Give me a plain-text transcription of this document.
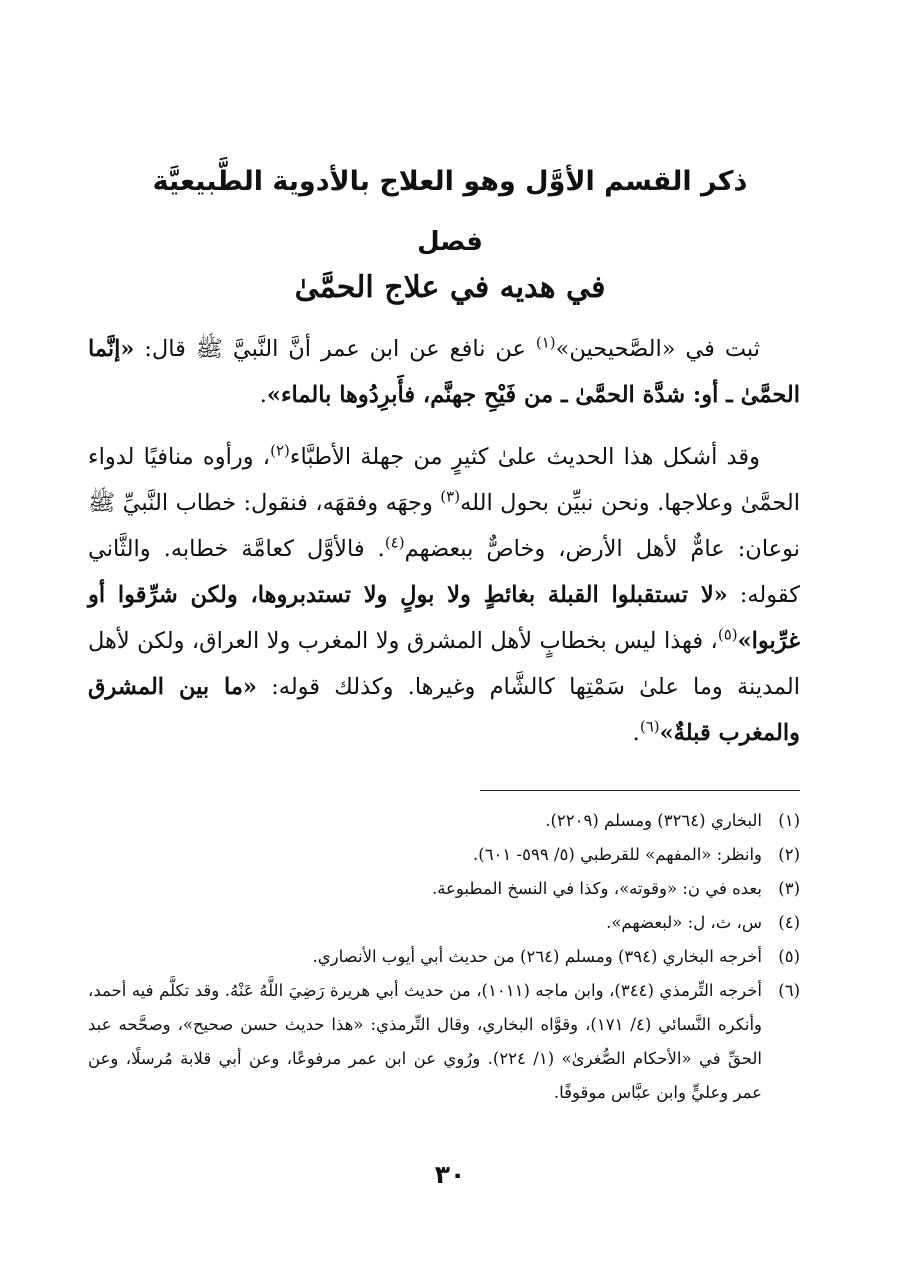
ذكر القسم الأوَّل وهو العلاج بالأدوية الطَّبيعيَّة
فصل
في هديه في علاج الحمَّىٰ

ثبت في «الصَّحيحين»$^{(١)}$ عن نافع عن ابن عمر أنَّ النَّبيَّ ﷺ قال: «إنَّما الحمَّىٰ ـ أو: شدَّة الحمَّىٰ ـ من فَيْحِ جهنَّم، فأَبرِدُوها بالماء».

وقد أشكل هذا الحديث علىٰ كثيرٍ من جهلة الأطبَّاء$^{(٢)}$، ورأوه منافيًا لدواء الحمَّىٰ وعلاجها. ونحن نبيِّن بحول الله$^{(٣)}$ وجهَه وفقهَه، فنقول: خطاب النَّبيِّ ﷺ نوعان: عامٌّ لأهل الأرض، وخاصٌّ ببعضهم$^{(٤)}$. فالأوَّل كعامَّة خطابه. والثَّاني كقوله: «لا تستقبلوا القبلة بغائطٍ ولا بولٍ ولا تستدبروها، ولكن شرِّقوا أو غرِّبوا»$^{(٥)}$، فهذا ليس بخطابٍ لأهل المشرق ولا المغرب ولا العراق، ولكن لأهل المدينة وما علىٰ سَمْتِها كالشَّام وغيرها. وكذلك قوله: «ما بين المشرق والمغرب قبلةٌ»$^{(٦)}$.

(١)
البخاري (٣٢٦٤) ومسلم (٢٢٠٩).
(٢)
وانظر: «المفهم» للقرطبي (٥/ ٥٩٩- ٦٠١).
(٣)
بعده في ن: «وقوته»، وكذا في النسخ المطبوعة.
(٤)
س، ث، ل: «لبعضهم».
(٥)
أخرجه البخاري (٣٩٤) ومسلم (٢٦٤) من حديث أبي أيوب الأنصاري.
(٦)
أخرجه التِّرمذي (٣٤٤)، وابن ماجه (١٠١١)، من حديث أبي هريرة رَضِيَ اللَّهُ عَنْهُ. وقد تكلَّم فيه أحمد، وأنكره النَّسائي (٤/ ١٧١)، وقوَّاه البخاري، وقال التِّرمذي: «هذا حديث حسن صحيح»، وصحَّحه عبد الحقِّ في «الأحكام الصُّغرىٰ» (١/ ٢٢٤). ورُوي عن ابن عمر مرفوعًا، وعن أبي قلابة مُرسلًا، وعن عمر وعليٍّ وابن عبَّاس موقوفًا.
٣٠
